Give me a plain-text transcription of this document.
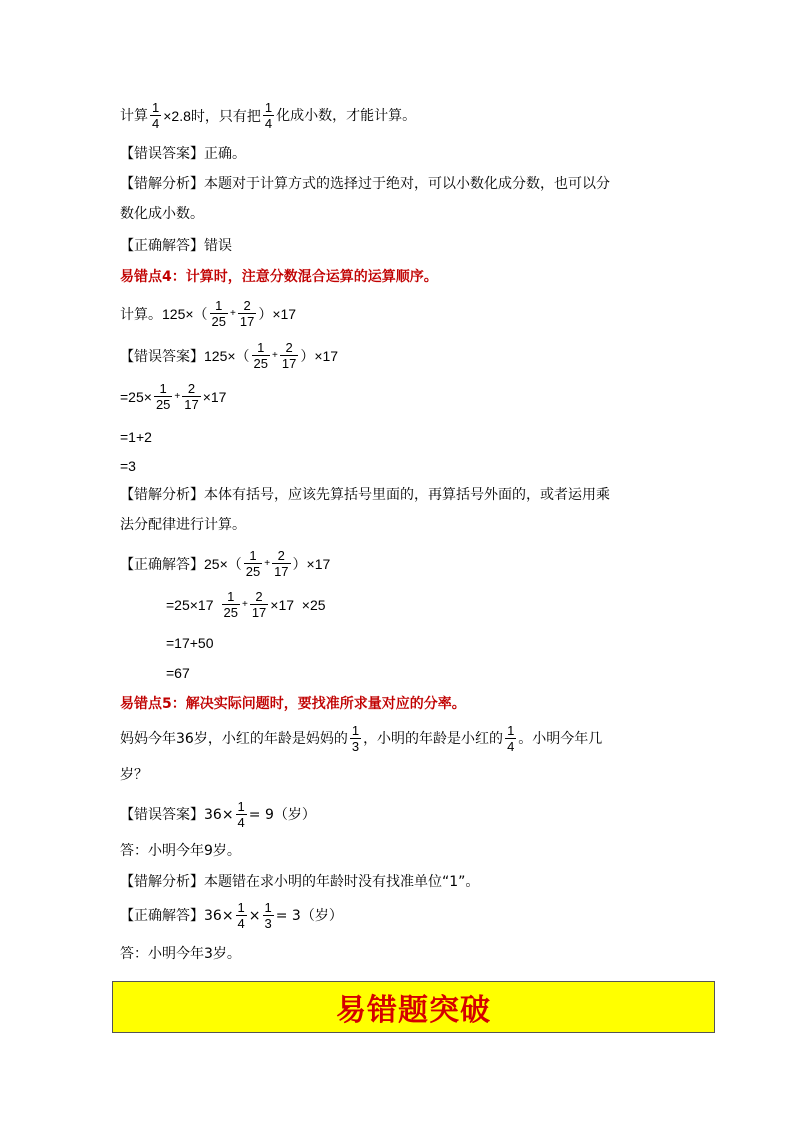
计算 $\frac{1}{4} \times 2.8$时，只有把 $\frac{1}{4}$ 化成小数，才能计算。
【错误答案】正确。
【错解分析】本题对于计算方式的选择过于绝对，可以小数化成分数，也可以分
数化成小数。
【正确解答】错误
易错点4：计算时，注意分数混合运算的运算顺序。
计算。$125\times( \frac{1}{25} + \frac{2}{17} )\times 17$
【错误答案】$125\times( \frac{1}{25} + \frac{2}{17} )\times 17$
$=25\times \frac{1}{25} + \frac{2}{17} \times 17$
=1+2
=3
【错解分析】本体有括号，应该先算括号里面的，再算括号外面的，或者运用乘
法分配律进行计算。
【正确解答】$25\times( \frac{1}{25} + \frac{2}{17} )\times 17$
$=25\times 17 \frac{1}{25} + \frac{2}{17} \times 17 \times 25$
=17+50
=67
易错点5：解决实际问题时，要找准所求量对应的分率。
妈妈今年36岁，小红的年龄是妈妈的 $\frac{1}{3}$ ，小明的年龄是小红的 $\frac{1}{4}$ 。小明今年几
岁？
【错误答案】$36\times \frac{1}{4} = 9$（岁）
答：小明今年9岁。
【错解分析】本题错在求小明的年龄时没有找准单位“1”。
【正确解答】$36\times \frac{1}{4} \times \frac{1}{3} = 3$（岁）
答：小明今年3岁。
易错题突破
